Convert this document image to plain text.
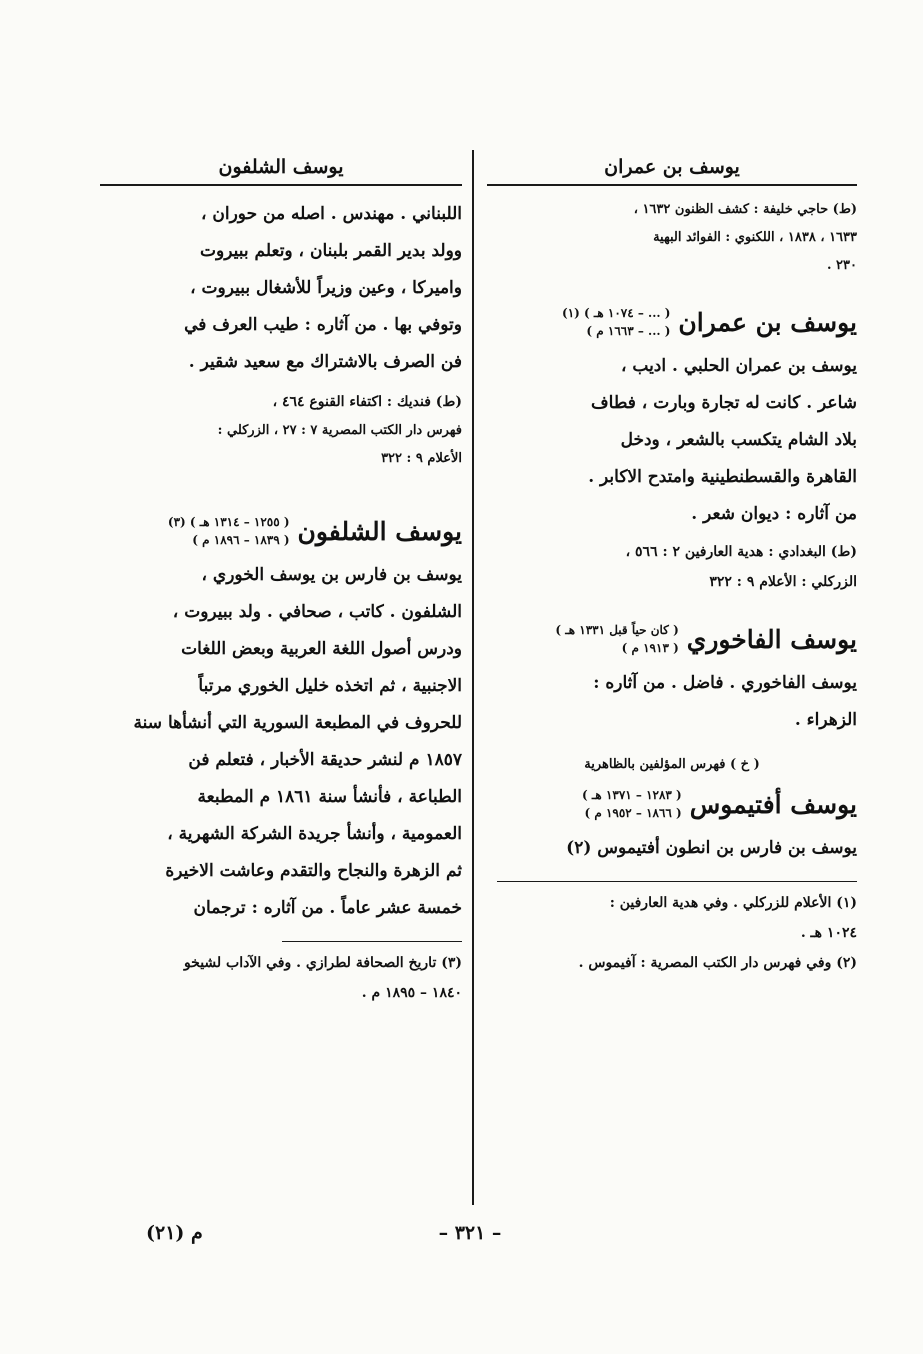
يوسف بن عمران

(ط) حاجي خليفة : كشف الظنون ١٦٣٢ ،

١٦٣٣ ، ١٨٣٨ ، اللكنوي : الفوائد البهية

٢٣٠ .

يوسف بن عمران
( ... – ١٠٧٤ هـ ) (١)
( ... – ١٦٦٣ م )

يوسف بن عمران الحلبي . اديب ،

شاعر . كانت له تجارة وبارت ، فطاف

بلاد الشام يتكسب بالشعر ، ودخل

القاهرة والقسطنطينية وامتدح الاكابر .

من آثاره : ديوان شعر .

(ط) البغدادي : هدية العارفين ٢ : ٥٦٦ ،

الزركلي : الأعلام ٩ : ٣٢٢

يوسف الفاخوري
( كان حياً قبل ١٣٣١ هـ )
( ١٩١٣ م )

يوسف الفاخوري . فاضل . من آثاره :

الزهراء .

( خ ) فهرس المؤلفين بالظاهرية
يوسف أفتيموس
( ١٢٨٣ – ١٣٧١ هـ )
( ١٨٦٦ – ١٩٥٢ م )

يوسف بن فارس بن انطون أفتيموس (٢)

(١) الأعلام للزركلي . وفي هدية العارفين :

١٠٢٤ هـ .

(٢) وفي فهرس دار الكتب المصرية : آفيموس .

يوسف الشلفون

اللبناني . مهندس . اصله من حوران ،

وولد بدير القمر بلبنان ، وتعلم ببيروت

واميركا ، وعين وزيراً للأشغال ببيروت ،

وتوفي بها . من آثاره : طيب العرف في

فن الصرف بالاشتراك مع سعيد شقير .

(ط) فنديك : اكتفاء القنوع ٤٦٤ ،

فهرس دار الكتب المصرية ٧ : ٢٧ ، الزركلي :

الأعلام ٩ : ٣٢٢

يوسف الشلفون
( ١٢٥٥ – ١٣١٤ هـ ) (٣)
( ١٨٣٩ – ١٨٩٦ م )

يوسف بن فارس بن يوسف الخوري ،

الشلفون . كاتب ، صحافي . ولد ببيروت ،

ودرس أصول اللغة العربية وبعض اللغات

الاجنبية ، ثم اتخذه خليل الخوري مرتباً

للحروف في المطبعة السورية التي أنشأها سنة

١٨٥٧ م لنشر حديقة الأخبار ، فتعلم فن

الطباعة ، فأنشأ سنة ١٨٦١ م المطبعة

العمومية ، وأنشأ جريدة الشركة الشهرية ،

ثم الزهرة والنجاح والتقدم وعاشت الاخيرة

خمسة عشر عاماً . من آثاره : ترجمان

(٣) تاريخ الصحافة لطرازي . وفي الآداب لشيخو

١٨٤٠ – ١٨٩٥ م .

– ٣٢١ –
م (٢١)
